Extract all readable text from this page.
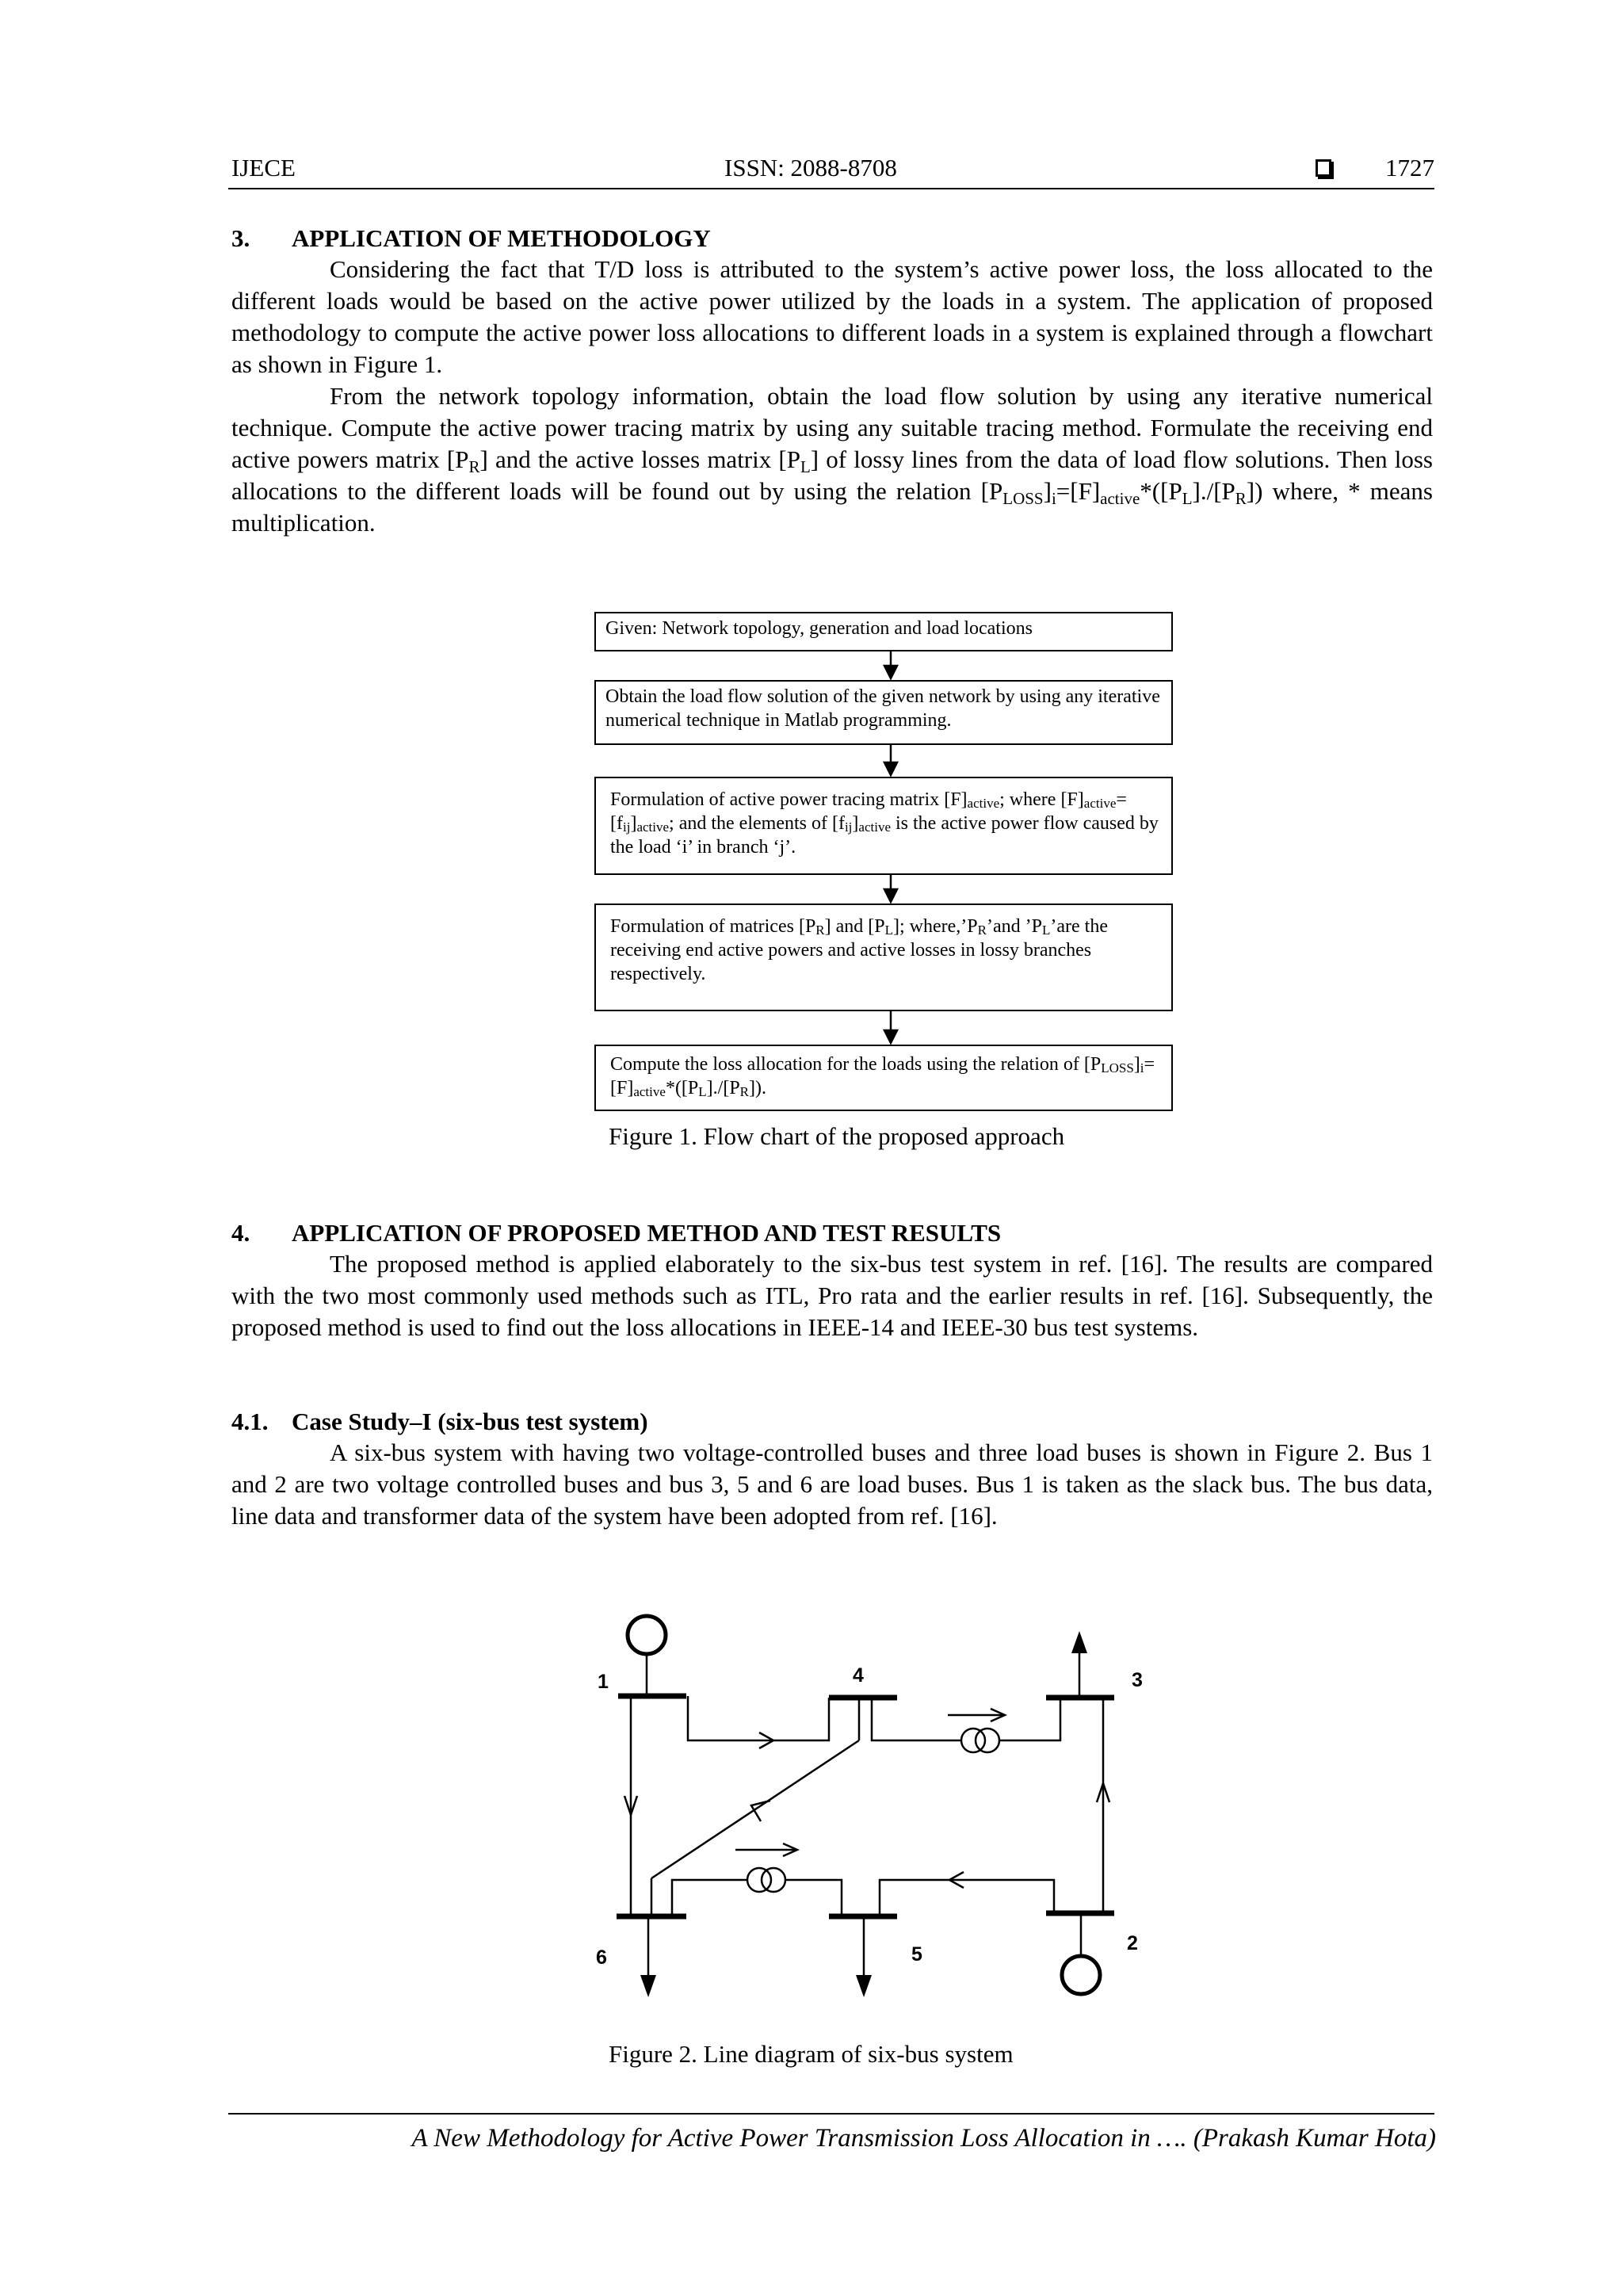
IJECE	ISSN: 2088-8708	1727
3. APPLICATION OF METHODOLOGY

Considering the fact that T/D loss is attributed to the system’s active power loss, the loss allocated to the different loads would be based on the active power utilized by the loads in a system. The application of proposed methodology to compute the active power loss allocations to different loads in a system is explained through a flowchart as shown in Figure 1.

From the network topology information, obtain the load flow solution by using any iterative numerical technique. Compute the active power tracing matrix by using any suitable tracing method. Formulate the receiving end active powers matrix $[P_R]$ and the active losses matrix $[P_L]$ of lossy lines from the data of load flow solutions. Then loss allocations to the different loads will be found out by using the relation $[P_{LOSS}]_i=[F]_{active}*([P_L]./[P_R])$ where, * means multiplication.

Given: Network topology, generation and load locations
Obtain the load flow solution of the given network by using any iterative numerical technique in Matlab programming.
Formulation of active power tracing matrix $[F]_{active}$; where $[F]_{active}=[f_{ij}]_{active}$; and the elements of $[f_{ij}]_{active}$ is the active power flow caused by the load ‘i’ in branch ‘j’.
Formulation of matrices $[P_R]$ and $[P_L]$; $where,’P_R’and$ $’P_L’are$ the receiving end active powers and active losses in lossy branches respectively.
Compute the loss allocation for the loads using the relation of $[P_{LOSS}]_i=[F]_{active}*([P_L]./[P_R])$.
Figure 1. Flow chart of the proposed approach
4. APPLICATION OF PROPOSED METHOD AND TEST RESULTS

The proposed method is applied elaborately to the six-bus test system in ref. [16]. The results are compared with the two most commonly used methods such as ITL, Pro rata and the earlier results in ref. [16]. Subsequently, the proposed method is used to find out the loss allocations in IEEE-14 and IEEE-30 bus test systems.

4.1. Case Study–I (six-bus test system)

A six-bus system with having two voltage-controlled buses and three load buses is shown in Figure 2. Bus 1 and 2 are two voltage controlled buses and bus 3, 5 and 6 are load buses. Bus 1 is taken as the slack bus. The bus data, line data and transformer data of the system have been adopted from ref. [16].

1	4	3
6	5	2
Figure 2. Line diagram of six-bus system
A New Methodology for Active Power Transmission Loss Allocation in …. (Prakash Kumar Hota)
